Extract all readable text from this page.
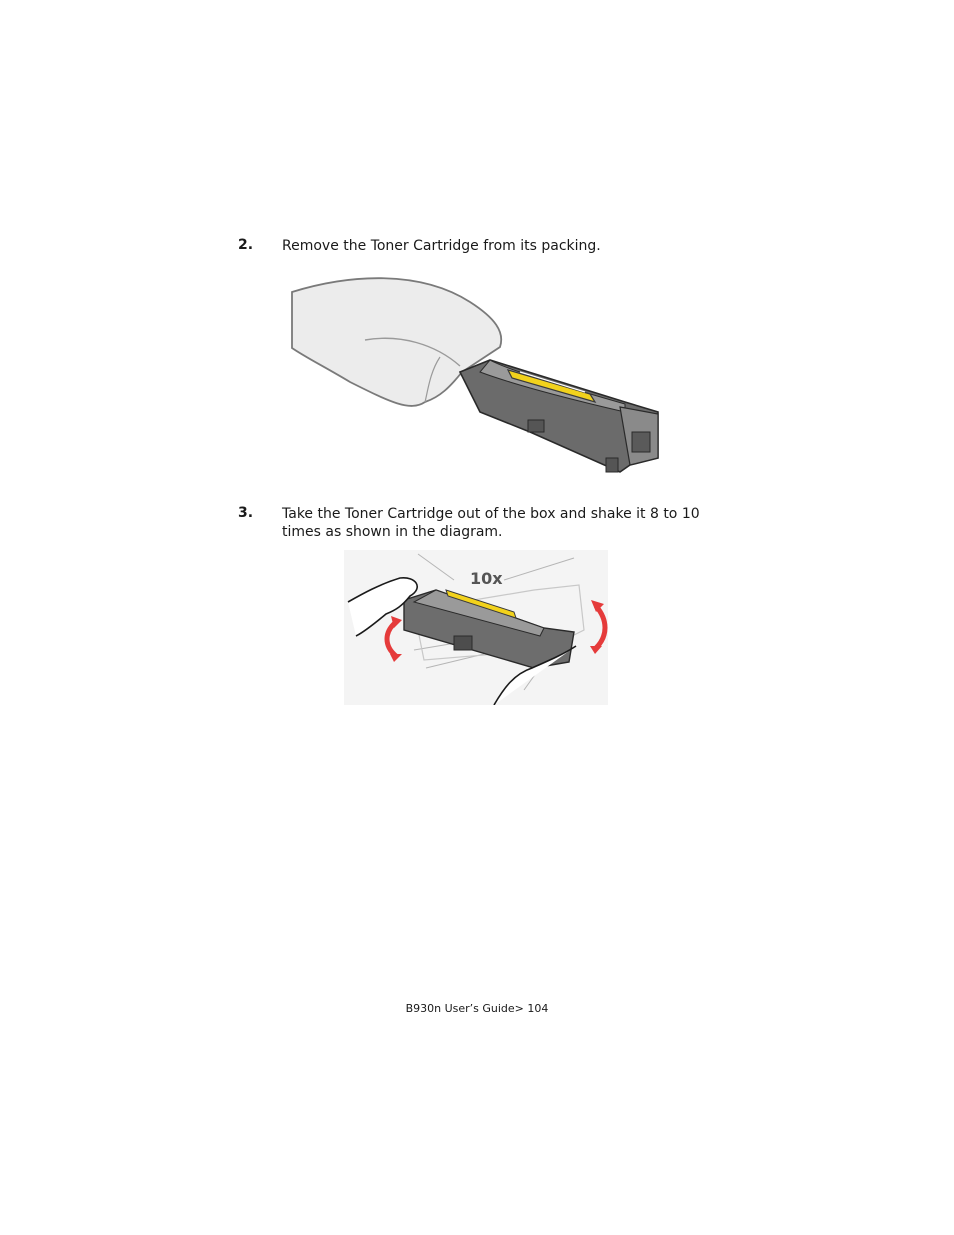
2. Remove the Toner Cartridge from its packing.
3. Take the Toner Cartridge out of the box and shake it 8 to 10
times as shown in the diagram.
10x
B930n User’s Guide> 104
